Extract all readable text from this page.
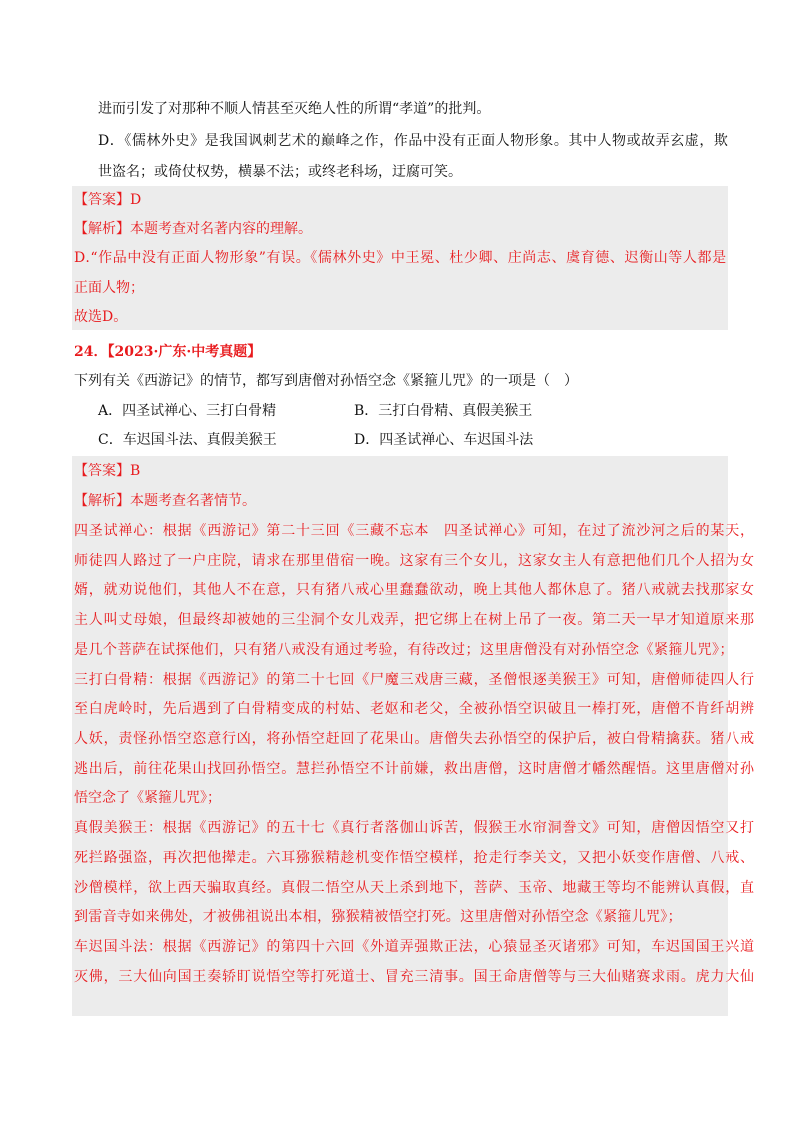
进而引发了对那种不顺人情甚至灭绝人性的所谓“孝道”的批判。
D．《儒林外史》是我国讽刺艺术的巅峰之作，作品中没有正面人物形象。其中人物或故弄玄虚，欺
世盗名；或倚仗权势，横暴不法；或终老科场，迂腐可笑。
【答案】D
【解析】本题考查对名著内容的理解。
D.“作品中没有正面人物形象”有误。《儒林外史》中王冕、杜少卿、庄尚志、虞育德、迟衡山等人都是
正面人物；
故选D。
24．【2023·广东·中考真题】
下列有关《西游记》的情节，都写到唐僧对孙悟空念《紧箍儿咒》的一项是（　）
A．四圣试禅心、三打白骨精	B．三打白骨精、真假美猴王
C．车迟国斗法、真假美猴王	D．四圣试禅心、车迟国斗法
【答案】B
【解析】本题考查名著情节。
四圣试禅心：根据《西游记》第二十三回《三藏不忘本　四圣试禅心》可知，在过了流沙河之后的某天，
师徒四人路过了一户庄院，请求在那里借宿一晚。这家有三个女儿，这家女主人有意把他们几个人招为女
婿，就劝说他们，其他人不在意，只有猪八戒心里蠢蠢欲动，晚上其他人都休息了。猪八戒就去找那家女
主人叫丈母娘，但最终却被她的三尘洞个女儿戏弄，把它绑上在树上吊了一夜。第二天一早才知道原来那
是几个菩萨在试探他们，只有猪八戒没有通过考验，有待改过；这里唐僧没有对孙悟空念《紧箍儿咒》；
三打白骨精：根据《西游记》的第二十七回《尸魔三戏唐三藏，圣僧恨逐美猴王》可知，唐僧师徒四人行
至白虎岭时，先后遇到了白骨精变成的村姑、老妪和老父，全被孙悟空识破且一棒打死，唐僧不肯纤胡辨
人妖，责怪孙悟空恣意行凶，将孙悟空赶回了花果山。唐僧失去孙悟空的保护后，被白骨精擒获。猪八戒
逃出后，前往花果山找回孙悟空。慧拦孙悟空不计前嫌，救出唐僧，这时唐僧才幡然醒悟。这里唐僧对孙
悟空念了《紧箍儿咒》；
真假美猴王：根据《西游记》的五十七《真行者落伽山诉苦，假猴王水帘洞誊文》可知，唐僧因悟空又打
死拦路强盗，再次把他撵走。六耳猕猴精趁机变作悟空模样，抢走行李关文，又把小妖变作唐僧、八戒、
沙僧模样，欲上西天骗取真经。真假二悟空从天上杀到地下，菩萨、玉帝、地藏王等均不能辨认真假，直
到雷音寺如来佛处，才被佛祖说出本相，猕猴精被悟空打死。这里唐僧对孙悟空念《紧箍儿咒》；
车迟国斗法：根据《西游记》的第四十六回《外道弄强欺正法，心猿显圣灭诸邪》可知，车迟国国王兴道
灭佛，三大仙向国王奏轿盯说悟空等打死道士、冒充三清事。国王命唐僧等与三大仙赌赛求雨。虎力大仙
